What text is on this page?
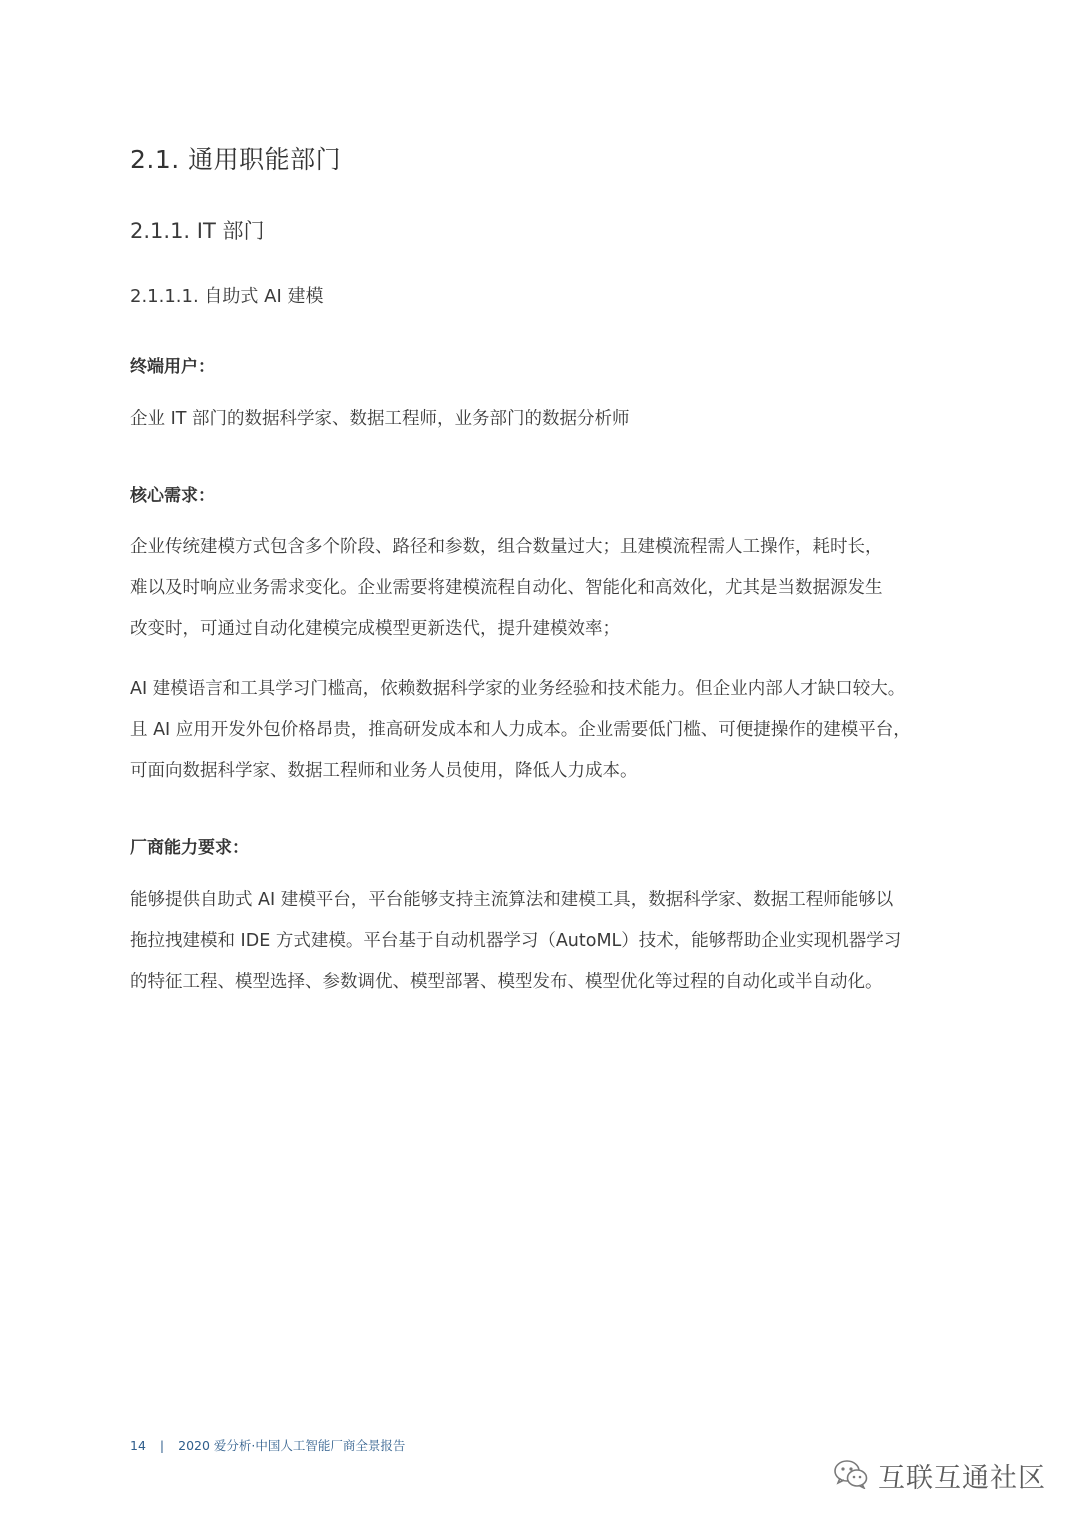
2.1. 通用职能部门
2.1.1. IT 部门
2.1.1.1. 自助式 AI 建模
终端用户：
企业 IT 部门的数据科学家、数据工程师，业务部门的数据分析师
核心需求：
企业传统建模方式包含多个阶段、路径和参数，组合数量过大；且建模流程需人工操作，耗时长，
难以及时响应业务需求变化。企业需要将建模流程自动化、智能化和高效化，尤其是当数据源发生
改变时，可通过自动化建模完成模型更新迭代，提升建模效率；
AI 建模语言和工具学习门槛高，依赖数据科学家的业务经验和技术能力。但企业内部人才缺口较大。
且 AI 应用开发外包价格昂贵，推高研发成本和人力成本。企业需要低门槛、可便捷操作的建模平台，
可面向数据科学家、数据工程师和业务人员使用，降低人力成本。
厂商能力要求：
能够提供自助式 AI 建模平台，平台能够支持主流算法和建模工具，数据科学家、数据工程师能够以
拖拉拽建模和 IDE 方式建模。平台基于自动机器学习（AutoML）技术，能够帮助企业实现机器学习
的特征工程、模型选择、参数调优、模型部署、模型发布、模型优化等过程的自动化或半自动化。
14 | 2020 爱分析·中国人工智能厂商全景报告
互联互通社区
